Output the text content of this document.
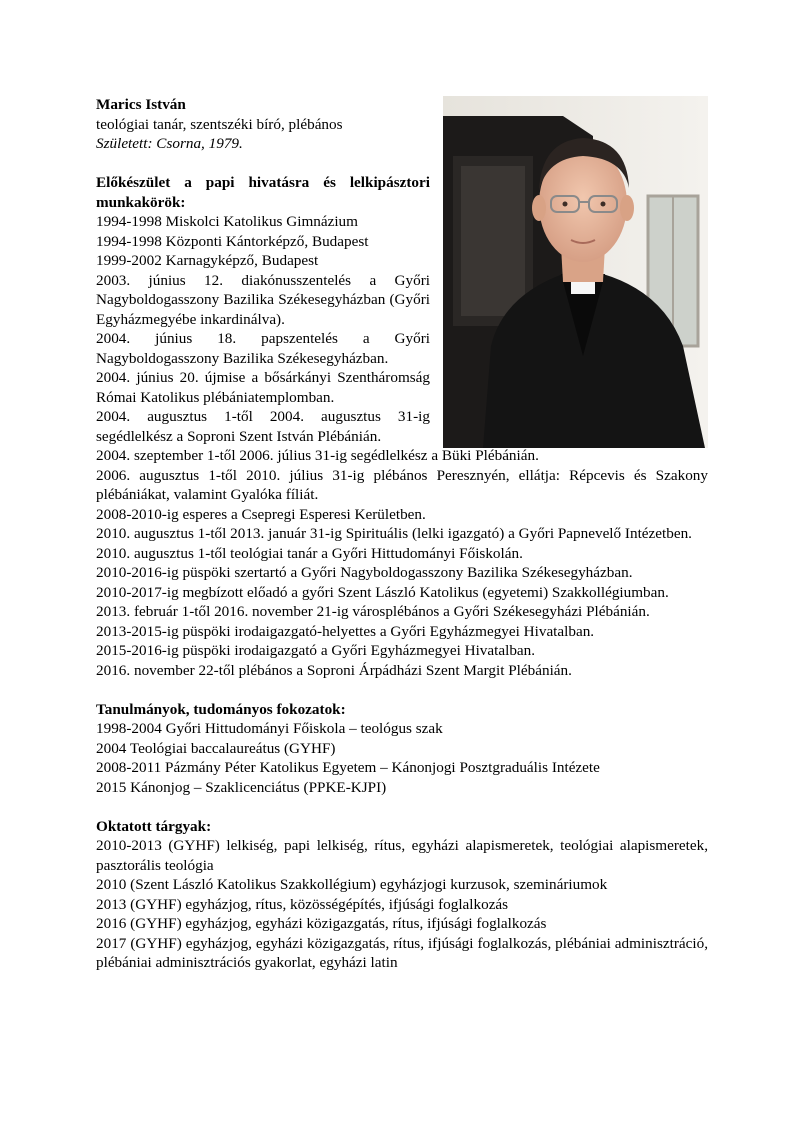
Marics István

teológiai tanár, szentszéki bíró, plébános

Született: Csorna, 1979.

Előkészület a papi hivatásra és lelkipásztori

munkakörök:

1994-1998 Miskolci Katolikus Gimnázium

1994-1998 Központi Kántorképző, Budapest

1999-2002 Karnagyképző, Budapest

2003. június 12. diakónusszentelés a Győri Nagyboldogasszony Bazilika Székesegyházban (Győri Egyházmegyébe inkardinálva).

2004. június 18. papszentelés a Győri Nagyboldogasszony Bazilika Székesegyházban.

2004. június 20. újmise a bősárkányi Szentháromság Római Katolikus plébániatemplomban.

2004. augusztus 1-től 2004. augusztus 31-ig segédlelkész a Soproni Szent István Plébánián.

2004. szeptember 1-től 2006. július 31-ig segédlelkész a Büki Plébánián.

2006. augusztus 1-től 2010. július 31-ig plébános Peresznyén, ellátja: Répcevis és Szakony plébániákat, valamint Gyalóka fíliát.

2008-2010-ig esperes a Csepregi Esperesi Kerületben.

2010. augusztus 1-től 2013. január 31-ig Spirituális (lelki igazgató) a Győri Papnevelő Intézetben.

2010. augusztus 1-től teológiai tanár a Győri Hittudományi Főiskolán.

2010-2016-ig püspöki szertartó a Győri Nagyboldogasszony Bazilika Székesegyházban.

2010-2017-ig megbízott előadó a győri Szent László Katolikus (egyetemi) Szakkollégiumban.

2013. február 1-től 2016. november 21-ig városplébános a Győri Székesegyházi Plébánián.

2013-2015-ig püspöki irodaigazgató-helyettes a Győri Egyházmegyei Hivatalban.

2015-2016-ig püspöki irodaigazgató a Győri Egyházmegyei Hivatalban.

2016. november 22-től plébános a Soproni Árpádházi Szent Margit Plébánián.

Tanulmányok, tudományos fokozatok:

1998-2004 Győri Hittudományi Főiskola – teológus szak

2004 Teológiai baccalaureátus (GYHF)

2008-2011 Pázmány Péter Katolikus Egyetem – Kánonjogi Posztgraduális Intézete

2015 Kánonjog – Szaklicenciátus (PPKE-KJPI)

Oktatott tárgyak:

2010-2013 (GYHF) lelkiség, papi lelkiség, rítus, egyházi alapismeretek, teológiai alapismeretek, pasztorális teológia

2010 (Szent László Katolikus Szakkollégium) egyházjogi kurzusok, szemináriumok

2013 (GYHF) egyházjog, rítus, közösségépítés, ifjúsági foglalkozás

2016 (GYHF) egyházjog, egyházi közigazgatás, rítus, ifjúsági foglalkozás

2017 (GYHF) egyházjog, egyházi közigazgatás, rítus, ifjúsági foglalkozás, plébániai adminisztráció, plébániai adminisztrációs gyakorlat, egyházi latin
